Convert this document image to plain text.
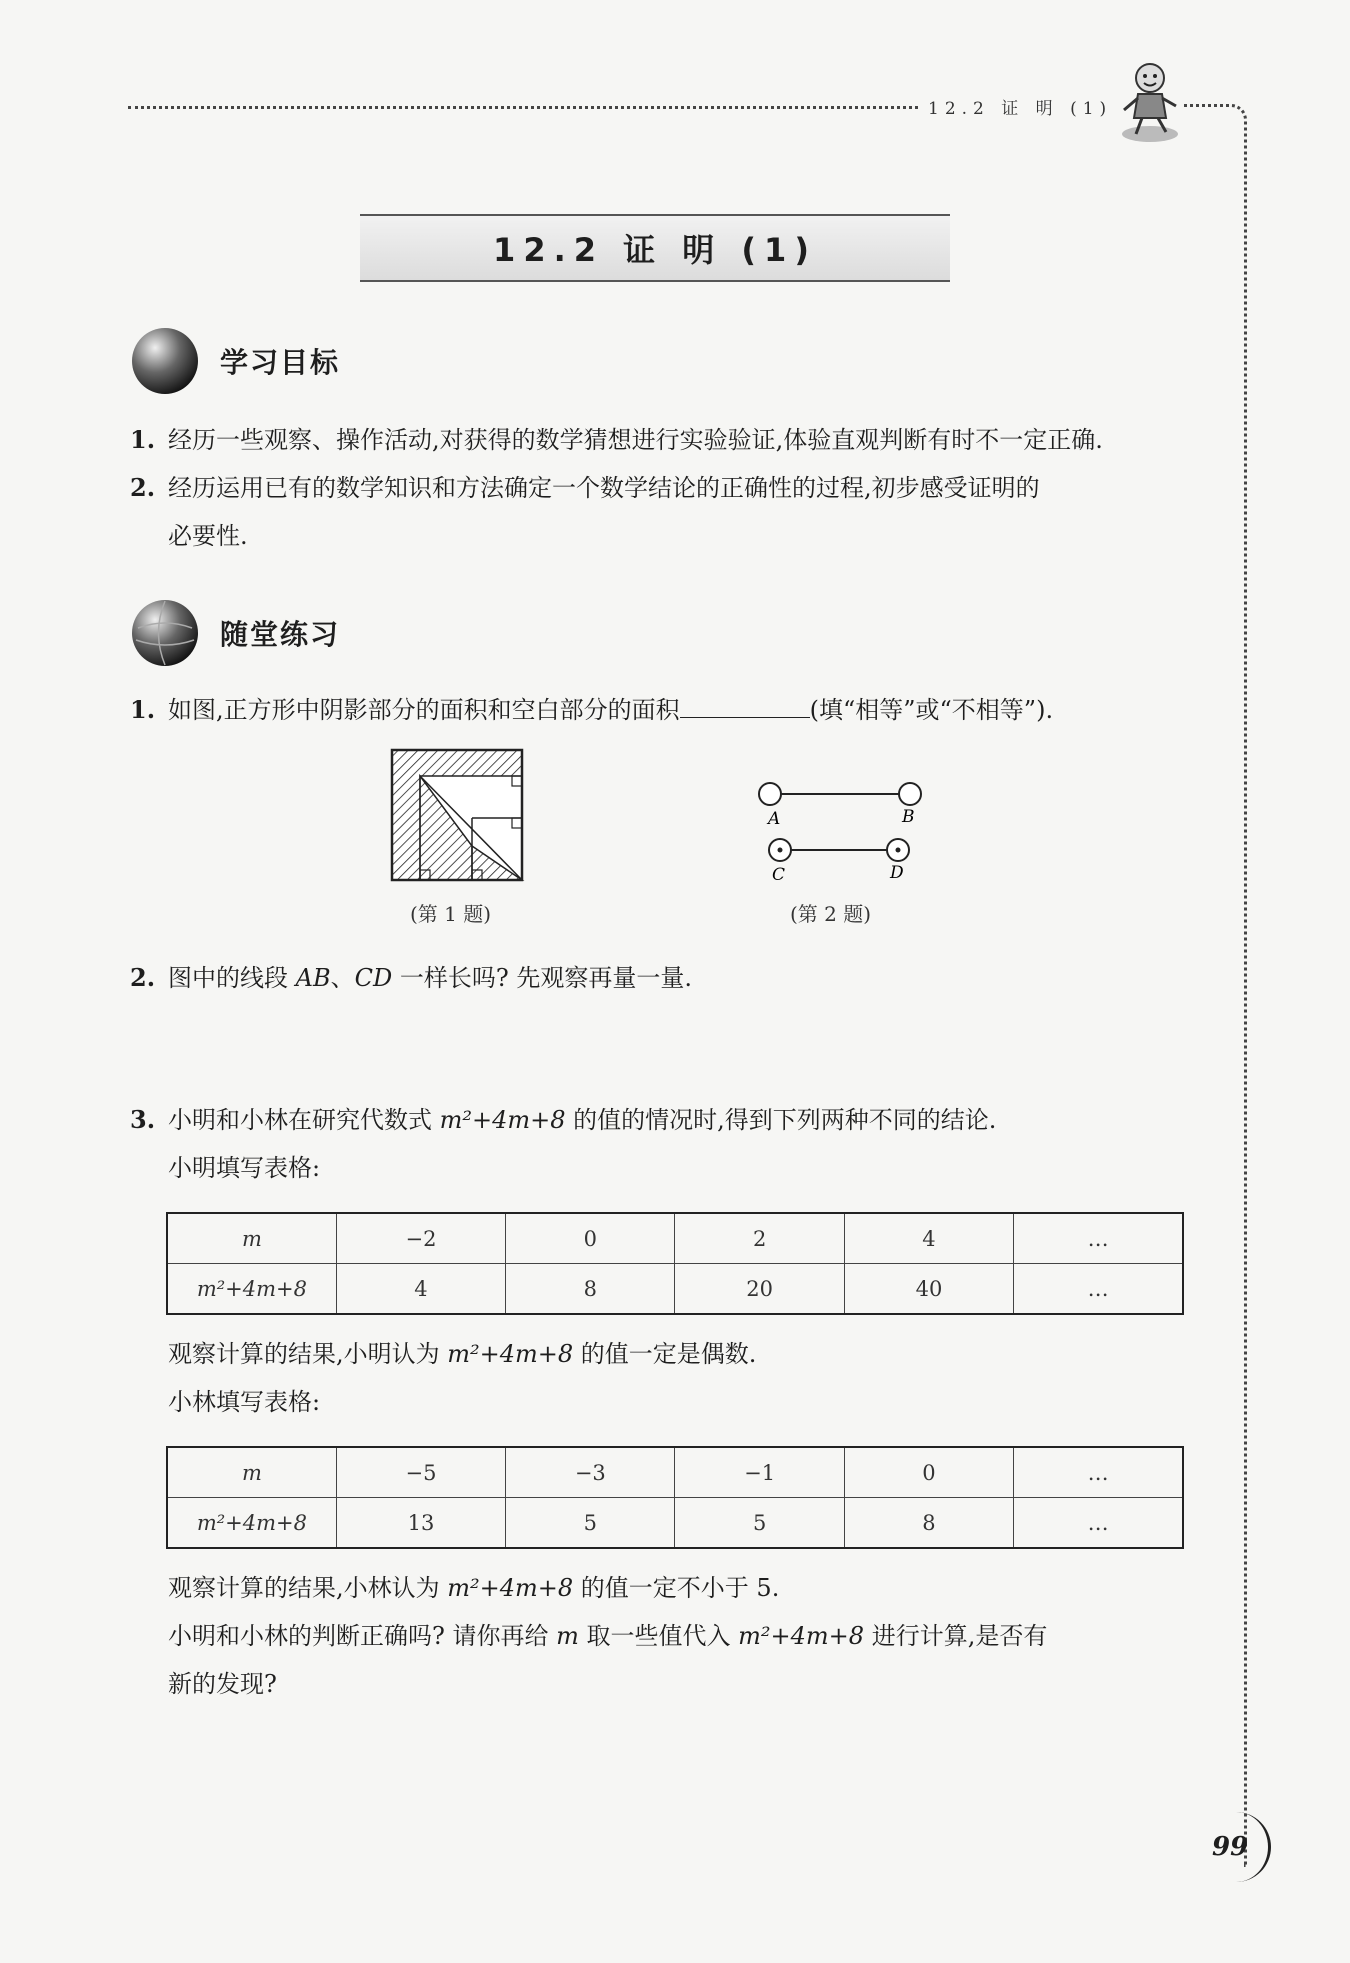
12.2 证 明 (1)
12.2 证 明 (1)
学习目标
1. 经历一些观察、操作活动,对获得的数学猜想进行实验验证,体验直观判断有时不一定正确.
2. 经历运用已有的数学知识和方法确定一个数学结论的正确性的过程,初步感受证明的
必要性.
随堂练习
1. 如图,正方形中阴影部分的面积和空白部分的面积	(填“相等”或“不相等”).
(第 1 题)
A	B
C	D
(第 2 题)
2. 图中的线段 AB、CD 一样长吗? 先观察再量一量.
3. 小明和小林在研究代数式 m²+4m+8 的值的情况时,得到下列两种不同的结论.
小明填写表格:
m	−2	0	2	4	…
m²+4m+8	4	8	20	40	…
观察计算的结果,小明认为 m²+4m+8 的值一定是偶数.
小林填写表格:
m	−5	−3	−1	0	…
m²+4m+8	13	5	5	8	…
观察计算的结果,小林认为 m²+4m+8 的值一定不小于 5.
小明和小林的判断正确吗? 请你再给 m 取一些值代入 m²+4m+8 进行计算,是否有
新的发现?
99
